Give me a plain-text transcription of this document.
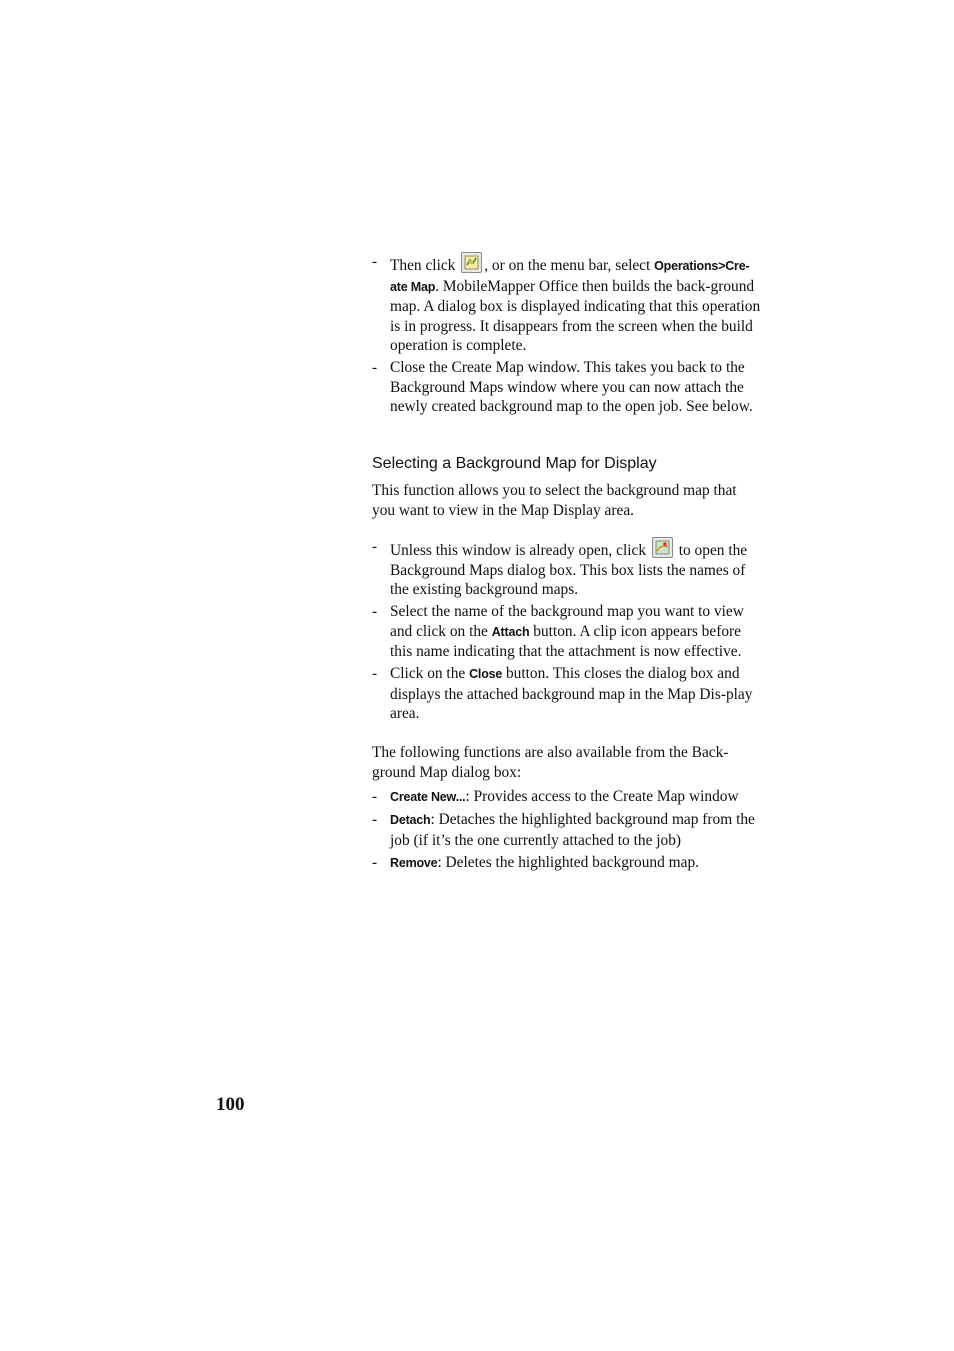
- Then click , or on the menu bar, select Operations>Cre-ate Map. MobileMapper Office then builds the back-ground map. A dialog box is displayed indicating that this operation is in progress. It disappears from the screen when the build operation is complete.
- Close the Create Map window. This takes you back to the Background Maps window where you can now attach the newly created background map to the open job. See below.
Selecting a Background Map for Display
This function allows you to select the background map that you want to view in the Map Display area.
- Unless this window is already open, click  to open the Background Maps dialog box. This box lists the names of the existing background maps.
- Select the name of the background map you want to view and click on the Attach button. A clip icon appears before this name indicating that the attachment is now effective.
- Click on the Close button. This closes the dialog box and displays the attached background map in the Map Dis-play area.
The following functions are also available from the Back-ground Map dialog box:
- Create New...: Provides access to the Create Map window
- Detach: Detaches the highlighted background map from the job (if it’s the one currently attached to the job)
- Remove: Deletes the highlighted background map.
100
